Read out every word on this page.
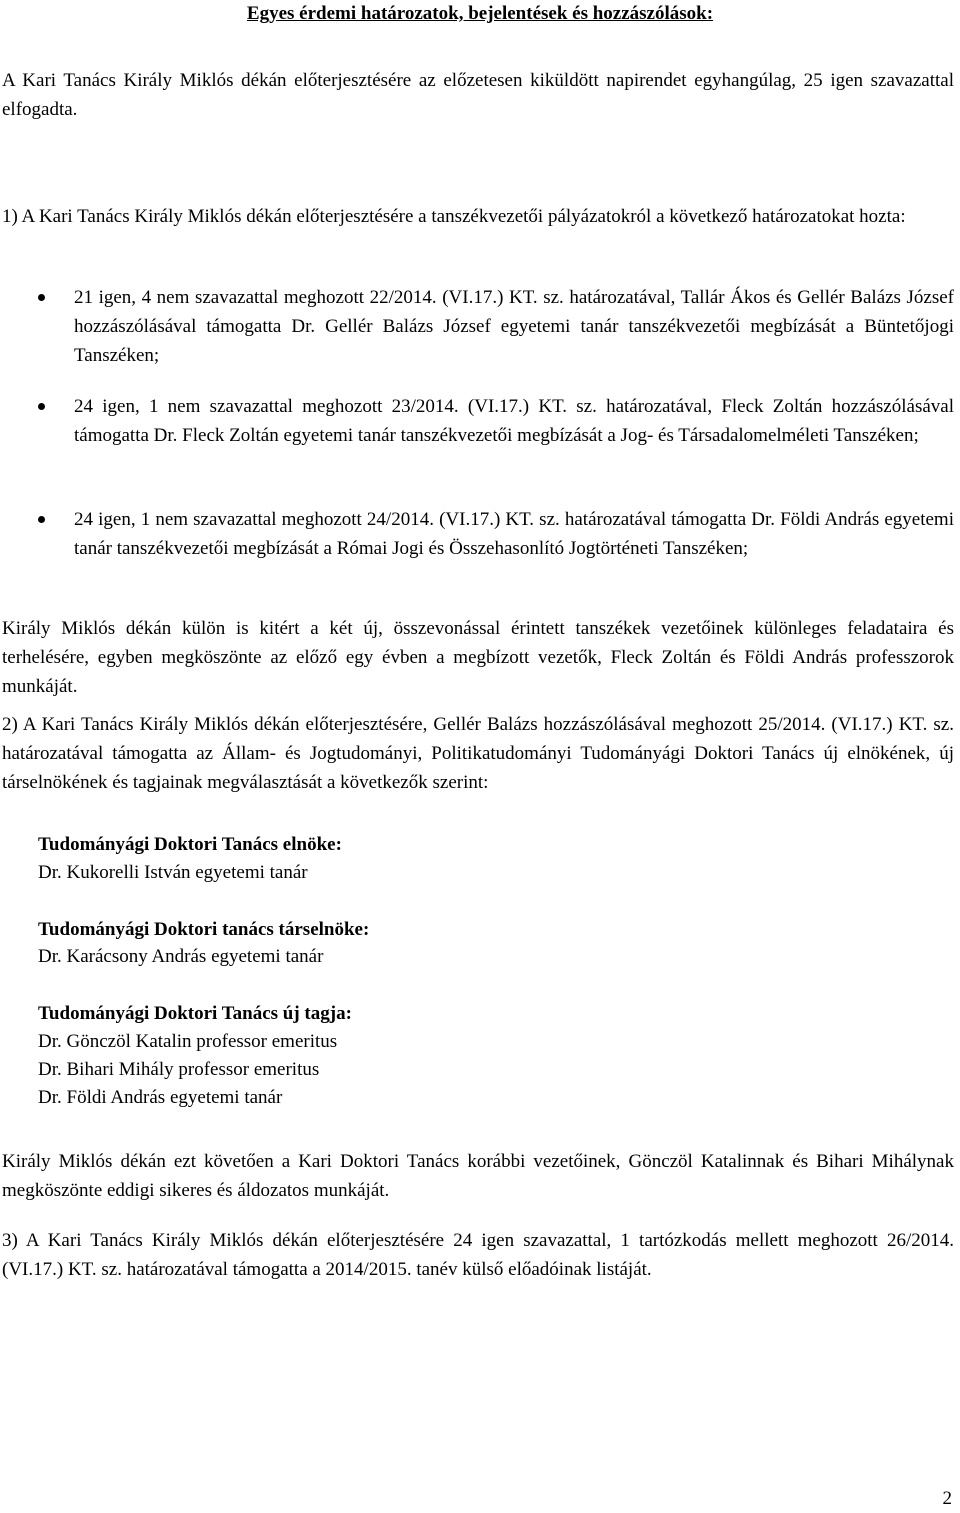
Egyes érdemi határozatok, bejelentések és hozzászólások:

A Kari Tanács Király Miklós dékán előterjesztésére az előzetesen kiküldött napirendet egyhangúlag, 25 igen szavazattal elfogadta.

1) A Kari Tanács Király Miklós dékán előterjesztésére a tanszékvezetői pályázatokról a következő határozatokat hozta:

21 igen, 4 nem szavazattal meghozott 22/2014. (VI.17.) KT. sz. határozatával, Tallár Ákos és Gellér Balázs József hozzászólásával támogatta Dr. Gellér Balázs József egyetemi tanár tanszékvezetői megbízását a Büntetőjogi Tanszéken;

24 igen, 1 nem szavazattal meghozott 23/2014. (VI.17.) KT. sz. határozatával, Fleck Zoltán hozzászólásával támogatta Dr. Fleck Zoltán egyetemi tanár tanszékvezetői megbízását a Jog- és Társadalomelméleti Tanszéken;

24 igen, 1 nem szavazattal meghozott 24/2014. (VI.17.) KT. sz. határozatával támogatta Dr. Földi András egyetemi tanár tanszékvezetői megbízását a Római Jogi és Összehasonlító Jogtörténeti Tanszéken;

Király Miklós dékán külön is kitért a két új, összevonással érintett tanszékek vezetőinek különleges feladataira és terhelésére, egyben megköszönte az előző egy évben a megbízott vezetők, Fleck Zoltán és Földi András professzorok munkáját.

2) A Kari Tanács Király Miklós dékán előterjesztésére, Gellér Balázs hozzászólásával meghozott 25/2014. (VI.17.) KT. sz. határozatával támogatta az Állam- és Jogtudományi, Politikatudományi Tudományági Doktori Tanács új elnökének, új társelnökének és tagjainak megválasztását a következők szerint:

Tudományági Doktori Tanács elnöke:

Dr. Kukorelli István egyetemi tanár

Tudományági Doktori tanács társelnöke:

Dr. Karácsony András egyetemi tanár

Tudományági Doktori Tanács új tagja:

Dr. Gönczöl Katalin professor emeritus

Dr. Bihari Mihály professor emeritus

Dr. Földi András egyetemi tanár

Király Miklós dékán ezt követően a Kari Doktori Tanács korábbi vezetőinek, Gönczöl Katalinnak és Bihari Mihálynak megköszönte eddigi sikeres és áldozatos munkáját.

3) A Kari Tanács Király Miklós dékán előterjesztésére 24 igen szavazattal, 1 tartózkodás mellett meghozott 26/2014. (VI.17.) KT. sz. határozatával támogatta a 2014/2015. tanév külső előadóinak listáját.

2
